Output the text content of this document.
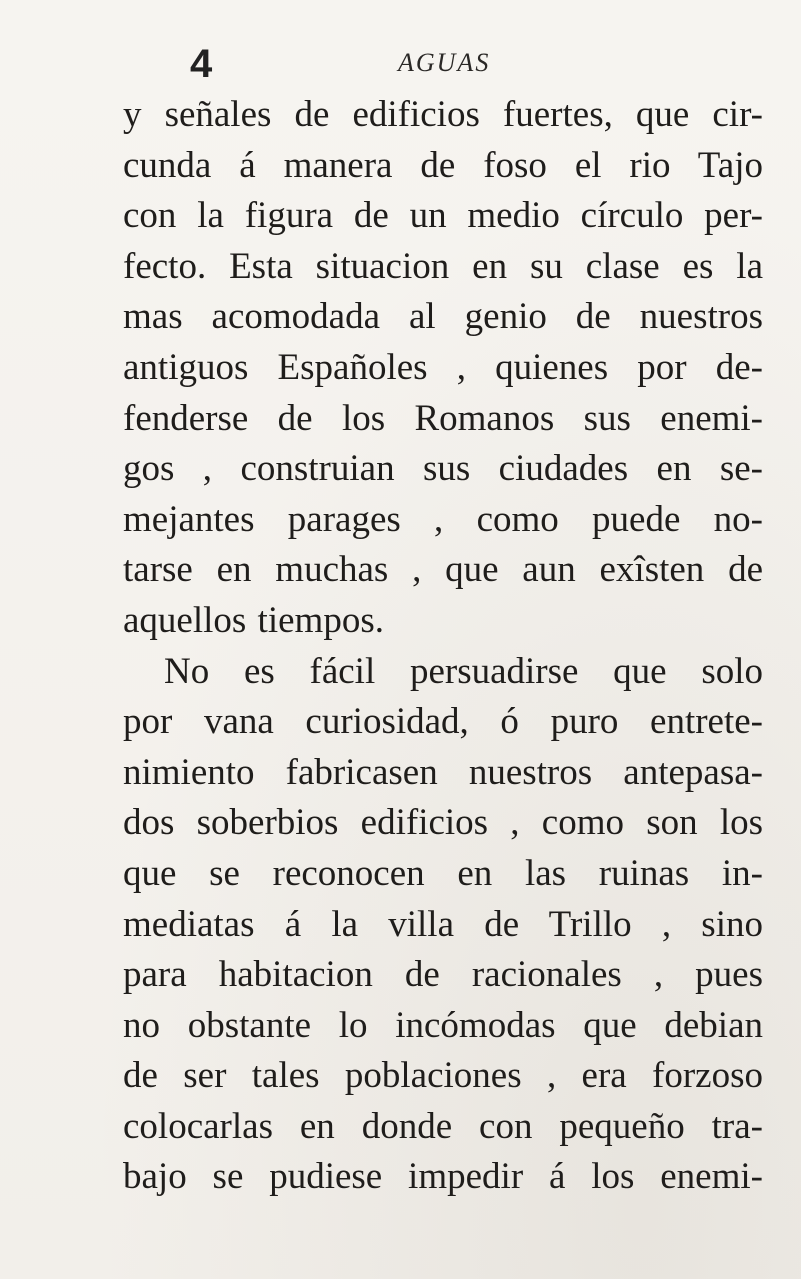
4	AGUAS
y señales de edificios fuertes, que cir-
cunda á manera de foso el rio Tajo
con la figura de un medio círculo per-
fecto. Esta situacion en su clase es la
mas acomodada al genio de nuestros
antiguos Españoles , quienes por de-
fenderse de los Romanos sus enemi-
gos , construian sus ciudades en se-
mejantes parages , como puede no-
tarse en muchas , que aun exîsten de
aquellos tiempos.
No es fácil persuadirse que solo
por vana curiosidad, ó puro entrete-
nimiento fabricasen nuestros antepasa-
dos soberbios edificios , como son los
que se reconocen en las ruinas in-
mediatas á la villa de Trillo , sino
para habitacion de racionales , pues
no obstante lo incómodas que debian
de ser tales poblaciones , era forzoso
colocarlas en donde con pequeño tra-
bajo se pudiese impedir á los enemi-
